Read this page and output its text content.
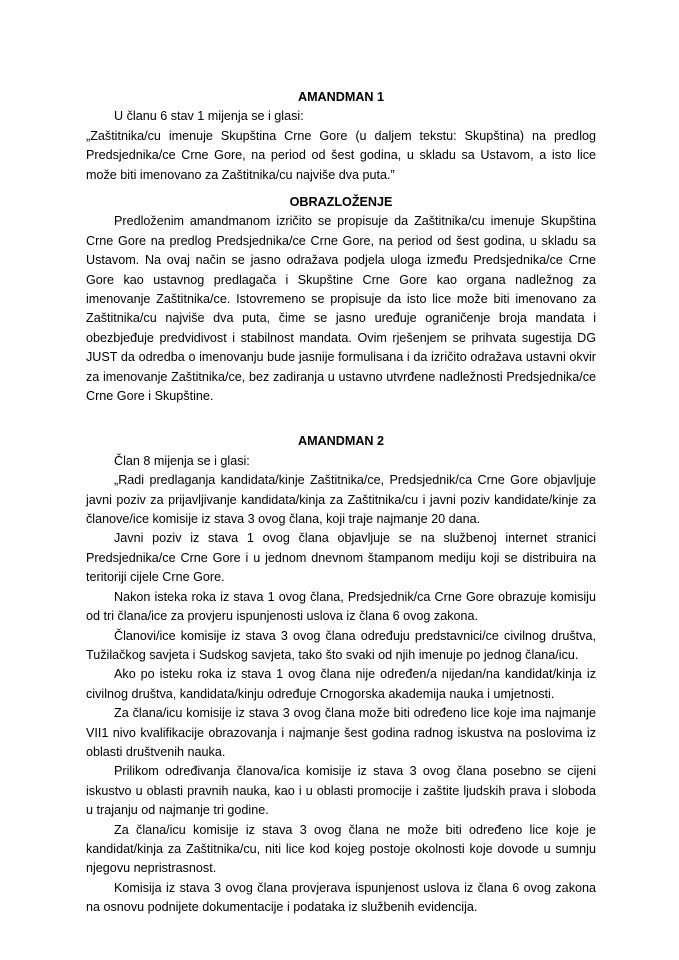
AMANDMAN 1

U članu 6 stav 1 mijenja se i glasi:

„Zaštitnika/cu imenuje Skupština Crne Gore (u daljem tekstu: Skupština) na predlog Predsjednika/ce Crne Gore, na period od šest godina, u skladu sa Ustavom, a isto lice može biti imenovano za Zaštitnika/cu najviše dva puta.”

OBRAZLOŽENJE

Predloženim amandmanom izričito se propisuje da Zaštitnika/cu imenuje Skupština Crne Gore na predlog Predsjednika/ce Crne Gore, na period od šest godina, u skladu sa Ustavom. Na ovaj način se jasno odražava podjela uloga između Predsjednika/ce Crne Gore kao ustavnog predlagača i Skupštine Crne Gore kao organa nadležnog za imenovanje Zaštitnika/ce. Istovremeno se propisuje da isto lice može biti imenovano za Zaštitnika/cu najviše dva puta, čime se jasno uređuje ograničenje broja mandata i obezbjeđuje predvidivost i stabilnost mandata. Ovim rješenjem se prihvata sugestija DG JUST da odredba o imenovanju bude jasnije formulisana i da izričito odražava ustavni okvir za imenovanje Zaštitnika/ce, bez zadiranja u ustavno utvrđene nadležnosti Predsjednika/ce Crne Gore i Skupštine.

AMANDMAN 2

Član 8 mijenja se i glasi:

„Radi predlaganja kandidata/kinje Zaštitnika/ce, Predsjednik/ca Crne Gore objavljuje javni poziv za prijavljivanje kandidata/kinja za Zaštitnika/cu i javni poziv kandidate/kinje za članove/ice komisije iz stava 3 ovog člana, koji traje najmanje 20 dana.

Javni poziv iz stava 1 ovog člana objavljuje se na službenoj internet stranici Predsjednika/ce Crne Gore i u jednom dnevnom štampanom mediju koji se distribuira na teritoriji cijele Crne Gore.

Nakon isteka roka iz stava 1 ovog člana, Predsjednik/ca Crne Gore obrazuje komisiju od tri člana/ice za provjeru ispunjenosti uslova iz člana 6 ovog zakona.

Članovi/ice komisije iz stava 3 ovog člana određuju predstavnici/ce civilnog društva, Tužilačkog savjeta i Sudskog savjeta, tako što svaki od njih imenuje po jednog člana/icu.

Ako po isteku roka iz stava 1 ovog člana nije određen/a nijedan/na kandidat/kinja iz civilnog društva, kandidata/kinju određuje Crnogorska akademija nauka i umjetnosti.

Za člana/icu komisije iz stava 3 ovog člana može biti određeno lice koje ima najmanje VII1 nivo kvalifikacije obrazovanja i najmanje šest godina radnog iskustva na poslovima iz oblasti društvenih nauka.

Prilikom određivanja članova/ica komisije iz stava 3 ovog člana posebno se cijeni iskustvo u oblasti pravnih nauka, kao i u oblasti promocije i zaštite ljudskih prava i sloboda u trajanju od najmanje tri godine.

Za člana/icu komisije iz stava 3 ovog člana ne može biti određeno lice koje je kandidat/kinja za Zaštitnika/cu, niti lice kod kojeg postoje okolnosti koje dovode u sumnju njegovu nepristrasnost.

Komisija iz stava 3 ovog člana provjerava ispunjenost uslova iz člana 6 ovog zakona na osnovu podnijete dokumentacije i podataka iz službenih evidencija.
